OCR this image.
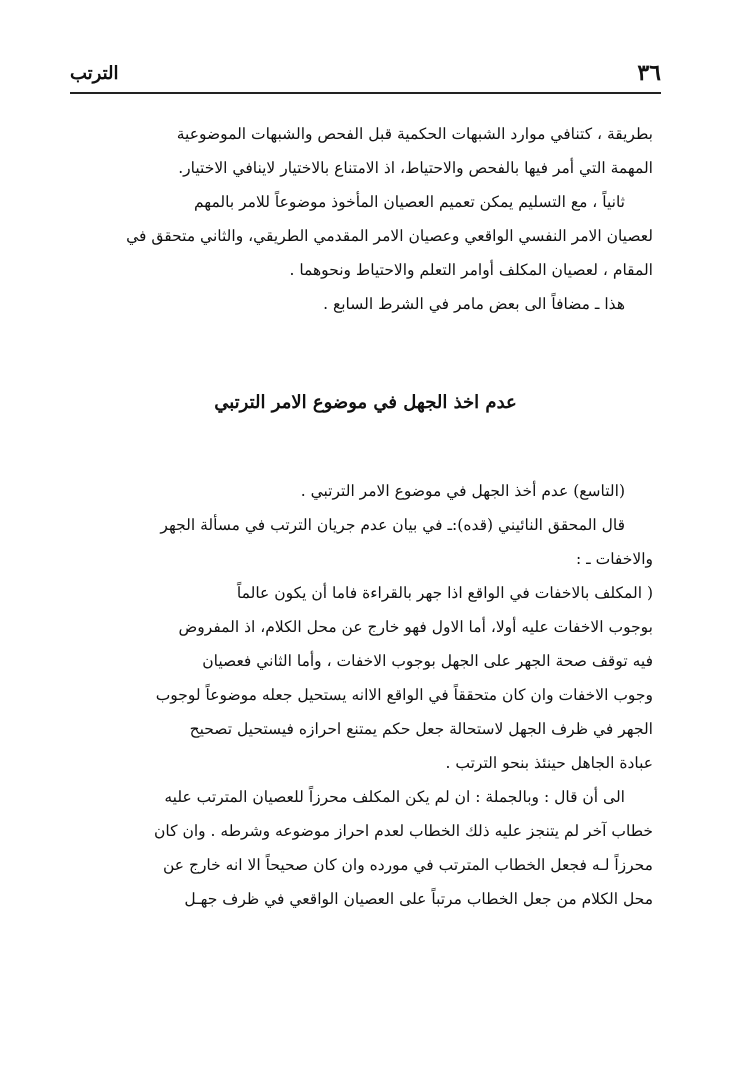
٣٦
الترتب

بطريقة ، كتنافي موارد الشبهات الحكمية قبل الفحص والشبهات الموضوعية

المهمة التي أمر فيها بالفحص والاحتياط، اذ الامتناع بالاختيار لاينافي الاختيار.

ثانياً ، مع التسليم يمكن تعميم العصيان المأخوذ موضوعاً للامر بالمهم

لعصيان الامر النفسي الواقعي وعصيان الامر المقدمي الطريقي، والثاني متحقق في

المقام ، لعصيان المكلف أوامر التعلم والاحتياط ونحوهما .

هذا ـ مضافاً الى بعض مامر في الشرط السابع .

عدم اخذ الجهل في موضوع الامر الترتبي

(التاسع) عدم أخذ الجهل في موضوع الامر الترتبي .

قال المحقق النائيني (قده):ـ في بيان عدم جريان الترتب في مسألة الجهر

والاخفات ـ :

( المكلف بالاخفات في الواقع اذا جهر بالقراءة فاما أن يكون عالماً

بوجوب الاخفات عليه أولا، أما الاول فهو خارج عن محل الكلام، اذ المفروض

فيه توقف صحة الجهر على الجهل بوجوب الاخفات ، وأما الثاني فعصيان

وجوب الاخفات وان كان متحققاً في الواقع الاانه يستحيل جعله موضوعاً لوجوب

الجهر في ظرف الجهل لاستحالة جعل حكم يمتنع احرازه فيستحيل تصحيح

عبادة الجاهل حينئذ بنحو الترتب .

الى أن قال : وبالجملة : ان لم يكن المكلف محرزاً للعصيان المترتب عليه

خطاب آخر لم يتنجز عليه ذلك الخطاب لعدم احراز موضوعه وشرطه . وان كان

محرزاً لـه فجعل الخطاب المترتب في مورده وان كان صحيحاً الا انه خارج عن

محل الكلام من جعل الخطاب مرتباً على العصيان الواقعي في ظرف جهـل
